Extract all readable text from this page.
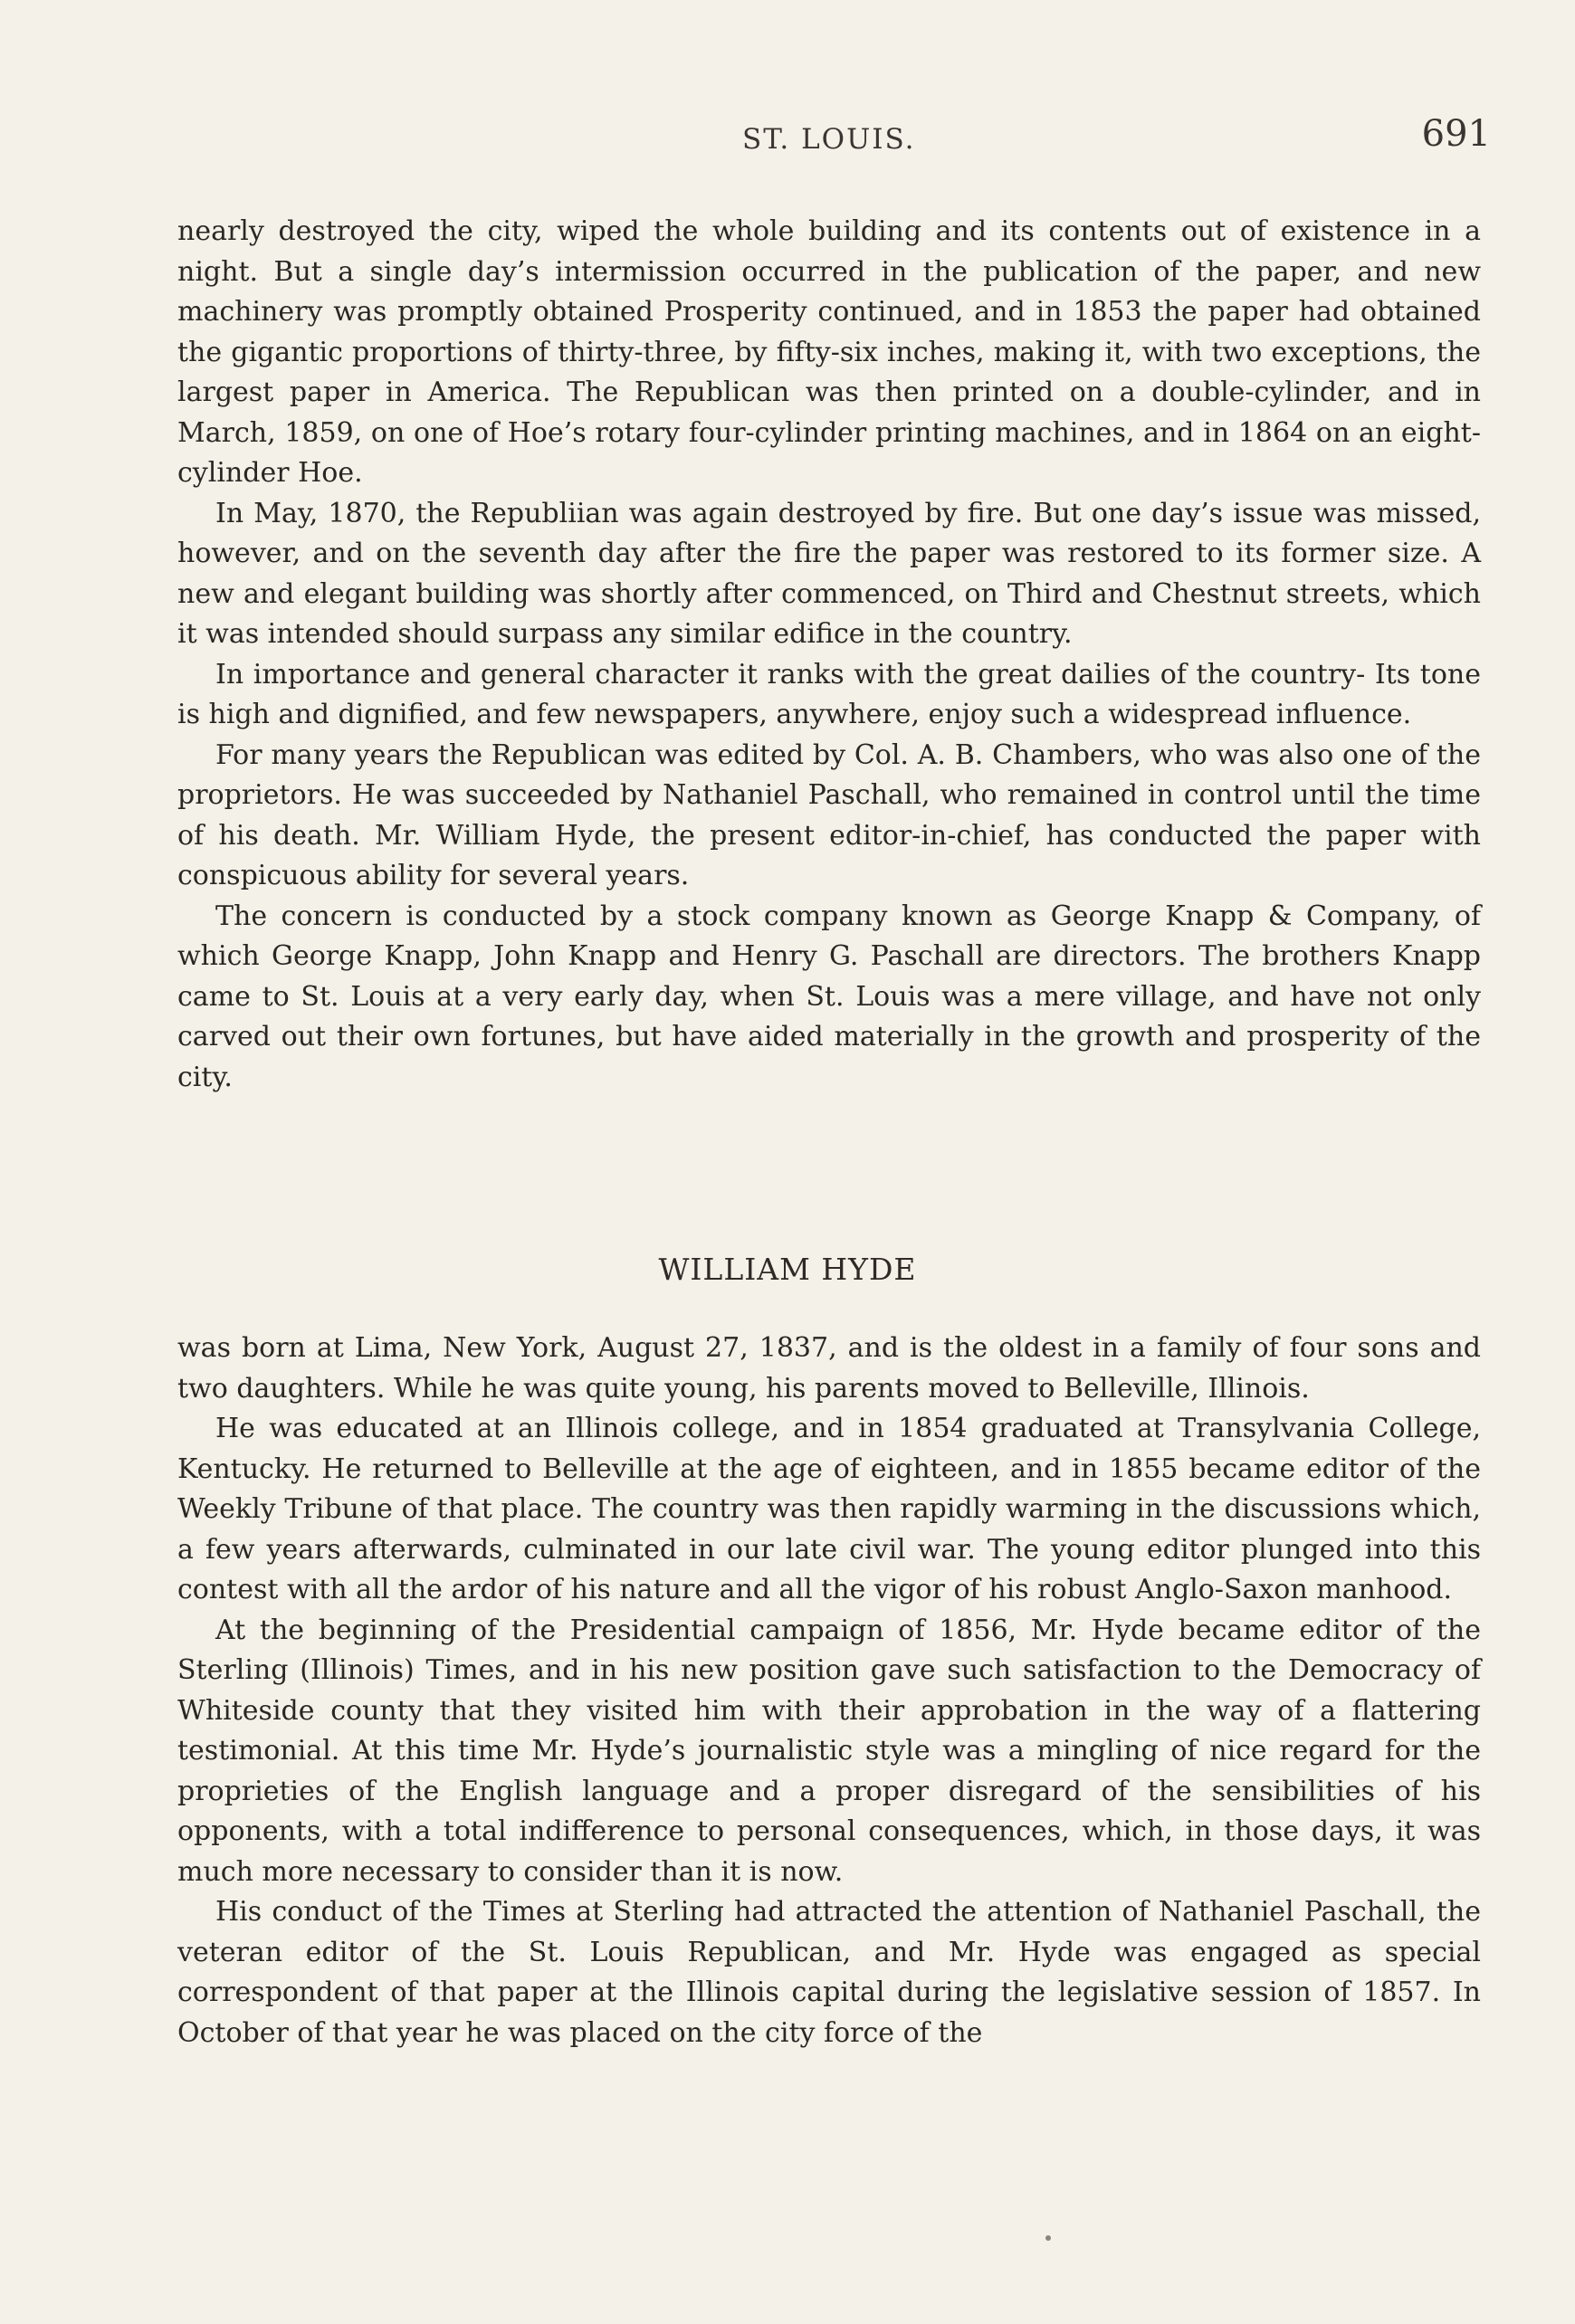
ST. LOUIS.	691

nearly destroyed the city, wiped the whole building and its contents out of existence in a night. But a single day’s intermission occurred in the publication of the paper, and new machinery was promptly obtained Prosperity continued, and in 1853 the paper had obtained the gigantic proportions of thirty-three, by fifty-six inches, making it, with two exceptions, the largest paper in America. The Republican was then printed on a double-cylinder, and in March, 1859, on one of Hoe’s rotary four-cylinder printing machines, and in 1864 on an eight-cylinder Hoe.

In May, 1870, the Republiian was again destroyed by fire. But one day’s issue was missed, however, and on the seventh day after the fire the paper was restored to its former size. A new and elegant building was shortly after commenced, on Third and Chestnut streets, which it was intended should surpass any similar edifice in the country.

In importance and general character it ranks with the great dailies of the country- Its tone is high and dignified, and few newspapers, anywhere, enjoy such a widespread influence.

For many years the Republican was edited by Col. A. B. Chambers, who was also one of the proprietors. He was succeeded by Nathaniel Paschall, who remained in control until the time of his death. Mr. William Hyde, the present editor-in-chief, has conducted the paper with conspicuous ability for several years.

The concern is conducted by a stock company known as George Knapp & Company, of which George Knapp, John Knapp and Henry G. Paschall are directors. The brothers Knapp came to St. Louis at a very early day, when St. Louis was a mere village, and have not only carved out their own fortunes, but have aided materially in the growth and prosperity of the city.

WILLIAM HYDE

was born at Lima, New York, August 27, 1837, and is the oldest in a family of four sons and two daughters. While he was quite young, his parents moved to Belleville, Illinois.

He was educated at an Illinois college, and in 1854 graduated at Transylvania College, Kentucky. He returned to Belleville at the age of eighteen, and in 1855 became editor of the Weekly Tribune of that place. The country was then rapidly warming in the discussions which, a few years afterwards, culminated in our late civil war. The young editor plunged into this contest with all the ardor of his nature and all the vigor of his robust Anglo-Saxon manhood.

At the beginning of the Presidential campaign of 1856, Mr. Hyde became editor of the Sterling (Illinois) Times, and in his new position gave such satisfaction to the Democracy of Whiteside county that they visited him with their approbation in the way of a flattering testimonial. At this time Mr. Hyde’s journalistic style was a mingling of nice regard for the proprieties of the English language and a proper disregard of the sensibilities of his opponents, with a total indifference to personal consequences, which, in those days, it was much more necessary to consider than it is now.

His conduct of the Times at Sterling had attracted the attention of Nathaniel Paschall, the veteran editor of the St. Louis Republican, and Mr. Hyde was engaged as special correspondent of that paper at the Illinois capital during the legislative session of 1857. In October of that year he was placed on the city force of the
